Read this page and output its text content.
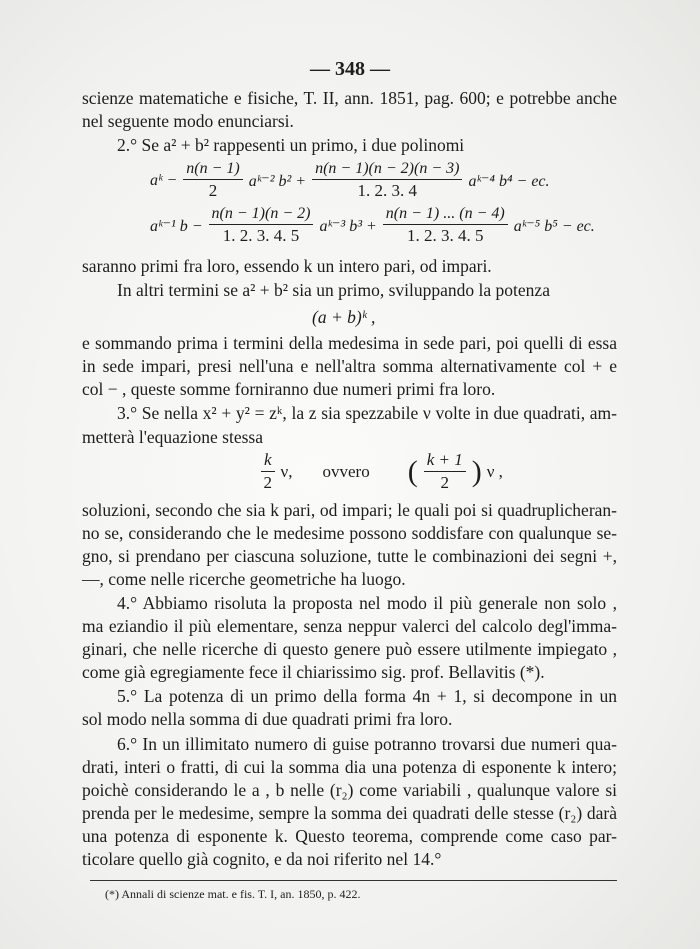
— 348 —
scienze matematiche e fisiche, T. II, ann. 1851, pag. 600; e potrebbe anche
nel seguente modo enunciarsi.
2.° Se a² + b² rappesenti un primo, i due polinomi
aᵏ − $\frac{n(n - 1)}{2}$ aᵏ⁻² $b^2 + \frac{n(n - 1)(n - 2)(n - 3)}{1. 2. 3. 4}$ aᵏ⁻⁴ b⁴ − ec.
aᵏ⁻¹ $b - \frac{n(n - 1)(n - 2)}{1. 2. 3. 4. 5}$ aᵏ⁻³ $b^3 + \frac{n(n - 1) ... (n - 4)}{1. 2. 3. 4. 5}$ aᵏ⁻⁵ b⁵ − ec.
saranno primi fra loro, essendo k un intero pari, od impari.
In altri termini se a² + b² sia un primo, sviluppando la potenza
(a + b)ᵏ ,
e sommando prima i termini della medesima in sede pari, poi quelli di essa
in sede impari, presi nell'una e nell'altra somma alternativamente col + e
col − , queste somme forniranno due numeri primi fra loro.
3.° Se nella x² + y² = zᵏ, la z sia spezzabile ν volte in due quadrati, am-
metterà l'equazione stessa
$\frac{k}{2} \nu$, ovvero ( $\frac{k + 1}{2}$ ) ν ,
soluzioni, secondo che sia k pari, od impari; le quali poi si quadruplicheran-
no se, considerando che le medesime possono soddisfare con qualunque se-
gno, si prendano per ciascuna soluzione, tutte le combinazioni dei segni +,
—, come nelle ricerche geometriche ha luogo.
4.° Abbiamo risoluta la proposta nel modo il più generale non solo ,
ma eziandio il più elementare, senza neppur valerci del calcolo degl'imma-
ginari, che nelle ricerche di questo genere può essere utilmente impiegato ,
come già egregiamente fece il chiarissimo sig. prof. Bellavitis (*).
5.° La potenza di un primo della forma 4n + 1, si decompone in un
sol modo nella somma di due quadrati primi fra loro.
6.° In un illimitato numero di guise potranno trovarsi due numeri qua-
drati, interi o fratti, di cui la somma dia una potenza di esponente k intero;
poichè considerando le a , b nelle (r₂) come variabili , qualunque valore si
prenda per le medesime, sempre la somma dei quadrati delle stesse (r₂) darà
una potenza di esponente k. Questo teorema, comprende come caso par-
ticolare quello già cognito, e da noi riferito nel 14.°
(*) Annali di scienze mat. e fis. T. I, an. 1850, p. 422.
